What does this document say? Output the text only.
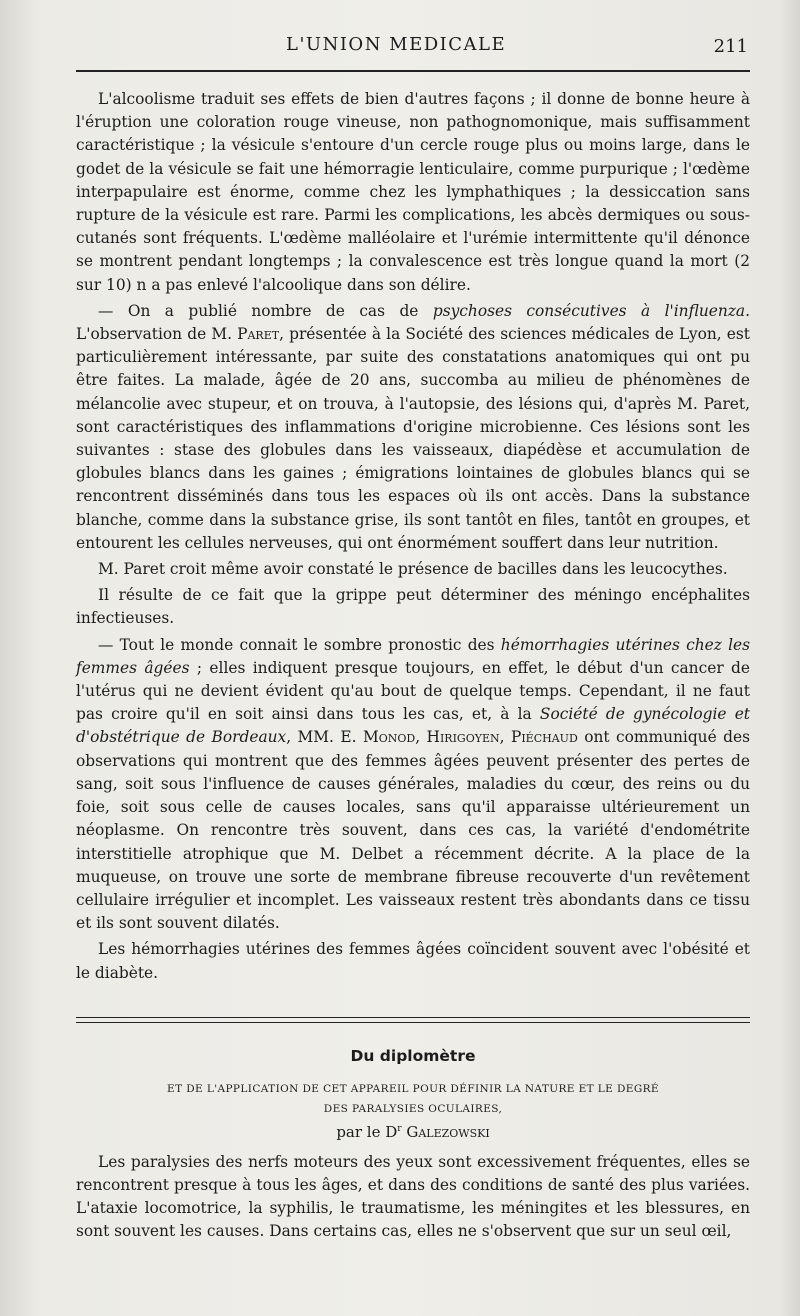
L'UNION MEDICALE	211

L'alcoolisme traduit ses effets de bien d'autres façons ; il donne de bonne heure à l'éruption une coloration rouge vineuse, non pathognomonique, mais suffisamment caractéristique ; la vésicule s'entoure d'un cercle rouge plus ou moins large, dans le godet de la vésicule se fait une hémorragie lenticulaire, comme purpurique ; l'œdème interpapulaire est énorme, comme chez les lymphathiques ; la dessiccation sans rupture de la vésicule est rare. Parmi les complications, les abcès dermiques ou sous-cutanés sont fréquents. L'œdème malléolaire et l'urémie intermittente qu'il dénonce se montrent pendant longtemps ; la convalescence est très longue quand la mort (2 sur 10) n a pas enlevé l'alcoolique dans son délire.

— On a publié nombre de cas de psychoses consécutives à l'influenza. L'observation de M. Paret, présentée à la Société des sciences médicales de Lyon, est particulièrement intéressante, par suite des constatations anatomiques qui ont pu être faites. La malade, âgée de 20 ans, succomba au milieu de phénomènes de mélancolie avec stupeur, et on trouva, à l'autopsie, des lésions qui, d'après M. Paret, sont caractéristiques des inflammations d'origine microbienne. Ces lésions sont les suivantes : stase des globules dans les vaisseaux, diapédèse et accumulation de globules blancs dans les gaines ; émigrations lointaines de globules blancs qui se rencontrent disséminés dans tous les espaces où ils ont accès. Dans la substance blanche, comme dans la substance grise, ils sont tantôt en files, tantôt en groupes, et entourent les cellules nerveuses, qui ont énormément souffert dans leur nutrition.

M. Paret croit même avoir constaté le présence de bacilles dans les leucocythes.

Il résulte de ce fait que la grippe peut déterminer des méningo encéphalites infectieuses.

— Tout le monde connait le sombre pronostic des hémorrhagies utérines chez les femmes âgées ; elles indiquent presque toujours, en effet, le début d'un cancer de l'utérus qui ne devient évident qu'au bout de quelque temps. Cependant, il ne faut pas croire qu'il en soit ainsi dans tous les cas, et, à la Société de gynécologie et d'obstétrique de Bordeaux, MM. E. Monod, Hirigoyen, Piéchaud ont communiqué des observations qui montrent que des femmes âgées peuvent présenter des pertes de sang, soit sous l'influence de causes générales, maladies du cœur, des reins ou du foie, soit sous celle de causes locales, sans qu'il apparaisse ultérieurement un néoplasme. On rencontre très souvent, dans ces cas, la variété d'endométrite interstitielle atrophique que M. Delbet a récemment décrite. A la place de la muqueuse, on trouve une sorte de membrane fibreuse recouverte d'un revêtement cellulaire irrégulier et incomplet. Les vaisseaux restent très abondants dans ce tissu et ils sont souvent dilatés.

Les hémorrhagies utérines des femmes âgées coïncident souvent avec l'obésité et le diabète.

Du diplomètre

ET DE L'APPLICATION DE CET APPAREIL POUR DÉFINIR LA NATURE ET LE DEGRÉ

DES PARALYSIES OCULAIRES,

par le $D^r$ Galezowski

Les paralysies des nerfs moteurs des yeux sont excessivement fréquentes, elles se rencontrent presque à tous les âges, et dans des conditions de santé des plus variées. L'ataxie locomotrice, la syphilis, le traumatisme, les méningites et les blessures, en sont souvent les causes. Dans certains cas, elles ne s'observent que sur un seul œil,
